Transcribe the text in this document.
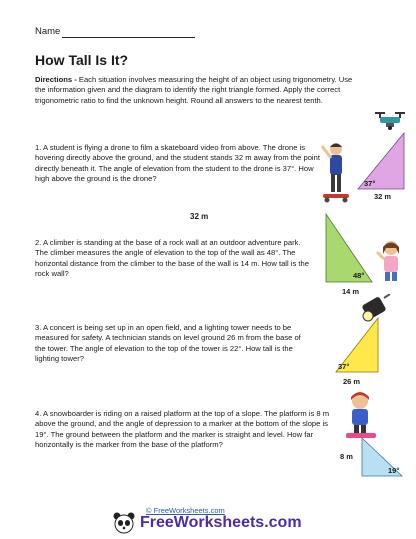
Name
How Tall Is It?
Directions - Each situation involves measuring the height of an object using trigonometry. Use the information given and the diagram to identify the right triangle formed. Apply the correct trigonometric ratio to find the unknown height. Round all answers to the nearest tenth.
1. A student is flying a drone to film a skateboard video from above. The drone is hovering directly above the ground, and the student stands 32 m away from the point directly beneath it. The angle of elevation from the student to the drone is 37°. How high above the ground is the drone?
37°
32 m
32 m
2. A climber is standing at the base of a rock wall at an outdoor adventure park. The climber measures the angle of elevation to the top of the wall as 48°. The horizontal distance from the climber to the base of the wall is 14 m. How tall is the rock wall?	48°
14 m
3. A concert is being set up in an open field, and a lighting tower needs to be measured for safety. A technician stands on level ground 26 m from the base of the tower. The angle of elevation to the top of the tower is 22°. How tall is the lighting tower?
37°
26 m
4. A snowboarder is riding on a raised platform at the top of a slope. The platform is 8 m above the ground, and the angle of depression to a marker at the bottom of the slope is 19°. The ground between the platform and the marker is straight and level. How far horizontally is the marker from the base of the platform?
19°
8 m
© FreeWorksheets.com
FreeWorksheets.com
